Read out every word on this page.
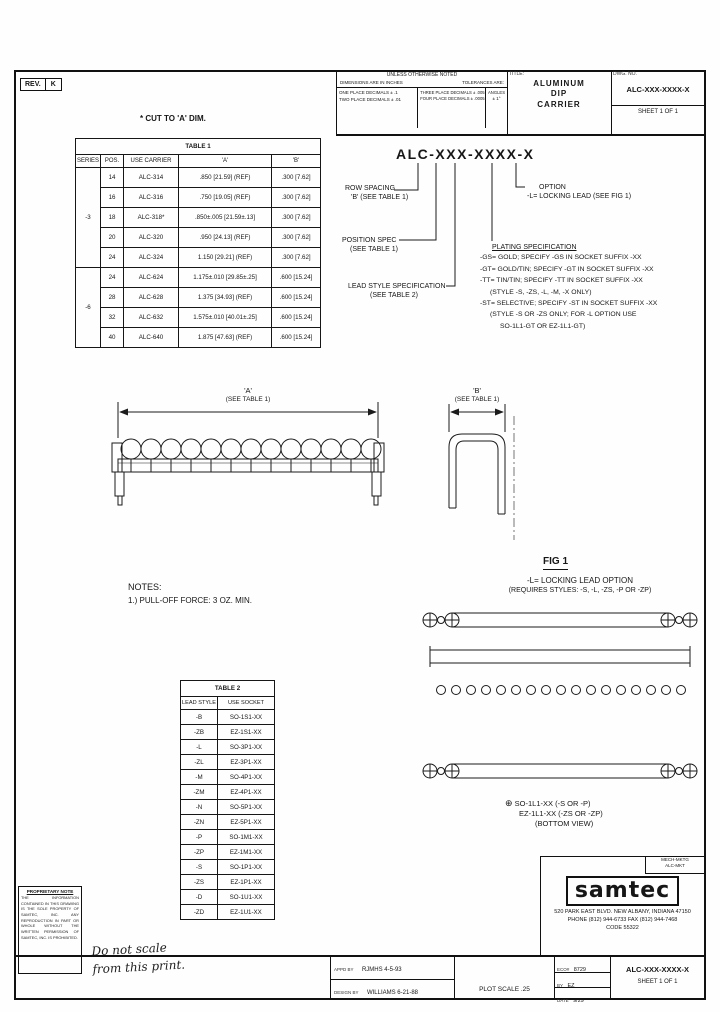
REV.	K
UNLESS OTHERWISE NOTED
DIMENSIONS ARE IN INCHES	TOLERANCES ARE:
ONE PLACE DECIMALS ± .1
TWO PLACE DECIMALS ± .01
THREE PLACE DECIMALS ± .005
FOUR PLACE DECIMALS ± .0005
ANGLES
± 1°
TITLE:
ALUMINUM
DIP
CARRIER
DWG. NO.
ALC-XXX-XXXX-X
SHEET 1 OF 1
* CUT TO 'A' DIM.
TABLE 1				
SERIES	POS.	USE CARRIER	'A'	'B'
-3	14	ALC-314	.850 [21.59] (REF)	.300 [7.62]
	16	ALC-316	.750 [19.05] (REF)	.300 [7.62]
	18	ALC-318*	.850±.005 [21.59±.13]	.300 [7.62]
	20	ALC-320	.950 [24.13] (REF)	.300 [7.62]
	24	ALC-324	1.150 [29.21] (REF)	.300 [7.62]
-6	24	ALC-624	1.175±.010 [29.85±.25]	.600 [15.24]
	28	ALC-628	1.375 [34.93] (REF)	.600 [15.24]
	32	ALC-632	1.575±.010 [40.01±.25]	.600 [15.24]
	40	ALC-640	1.875 [47.63] (REF)	.600 [15.24]
ALC-XXX-XXXX-X
ROW SPACING
'B' (SEE TABLE 1)
POSITION SPEC
(SEE TABLE 1)
LEAD STYLE SPECIFICATION
(SEE TABLE 2)
OPTION
-L= LOCKING LEAD (SEE FIG 1)
PLATING SPECIFICATION
-GS= GOLD; SPECIFY -GS IN SOCKET SUFFIX -XX
-GT= GOLD/TIN; SPECIFY -GT IN SOCKET SUFFIX -XX
-TT= TIN/TIN; SPECIFY -TT IN SOCKET SUFFIX -XX
(STYLE -S, -ZS, -L, -M, -X ONLY)
-ST= SELECTIVE; SPECIFY -ST IN SOCKET SUFFIX -XX
(STYLE -S OR -ZS ONLY; FOR -L OPTION USE
SO-1L1-GT OR EZ-1L1-GT)
'A'
(SEE TABLE 1)
'B'
(SEE TABLE 1)
NOTES:
1.) PULL-OFF FORCE: 3 OZ. MIN.
FIG 1
-L= LOCKING LEAD OPTION
(REQUIRES STYLES: -S, -L, -ZS, -P OR -ZP)
⊕ SO-1L1-XX (-S OR -P)
EZ-1L1-XX (-ZS OR -ZP)
(BOTTOM VIEW)
TABLE 2	
LEAD STYLE	USE SOCKET
-B	SO-1S1-XX
-ZB	EZ-1S1-XX
-L	SO-3P1-XX
-ZL	EZ-3P1-XX
-M	SO-4P1-XX
-ZM	EZ-4P1-XX
-N	SO-5P1-XX
-ZN	EZ-5P1-XX
-P	SO-1M1-XX
-ZP	EZ-1M1-XX
-S	SO-1P1-XX
-ZS	EZ-1P1-XX
-D	SO-1U1-XX
-ZD	EZ-1U1-XX
PROPRIETARY NOTE
THE INFORMATION CONTAINED IN THIS DRAWING IS THE SOLE PROPERTY OF SAMTEC, INC. ANY REPRODUCTION IN PART OR WHOLE WITHOUT THE WRITTEN PERMISSION OF SAMTEC, INC. IS PROHIBITED.
Do not scale
from this print.
MECH-MKTG
ALC-MKT
samtec
520 PARK EAST BLVD. NEW ALBANY, INDIANA 47150
PHONE (812) 944-6733 FAX (812) 944-7468
CODE 55322
APPD BY RJMHS 4-5-93
DESIGN BY WILLIAMS 6-21-88	PLOT SCALE .25
ECO# 8729
BY EZ
DATE 9/29
ALC-XXX-XXXX-X
SHEET 1 OF 1
